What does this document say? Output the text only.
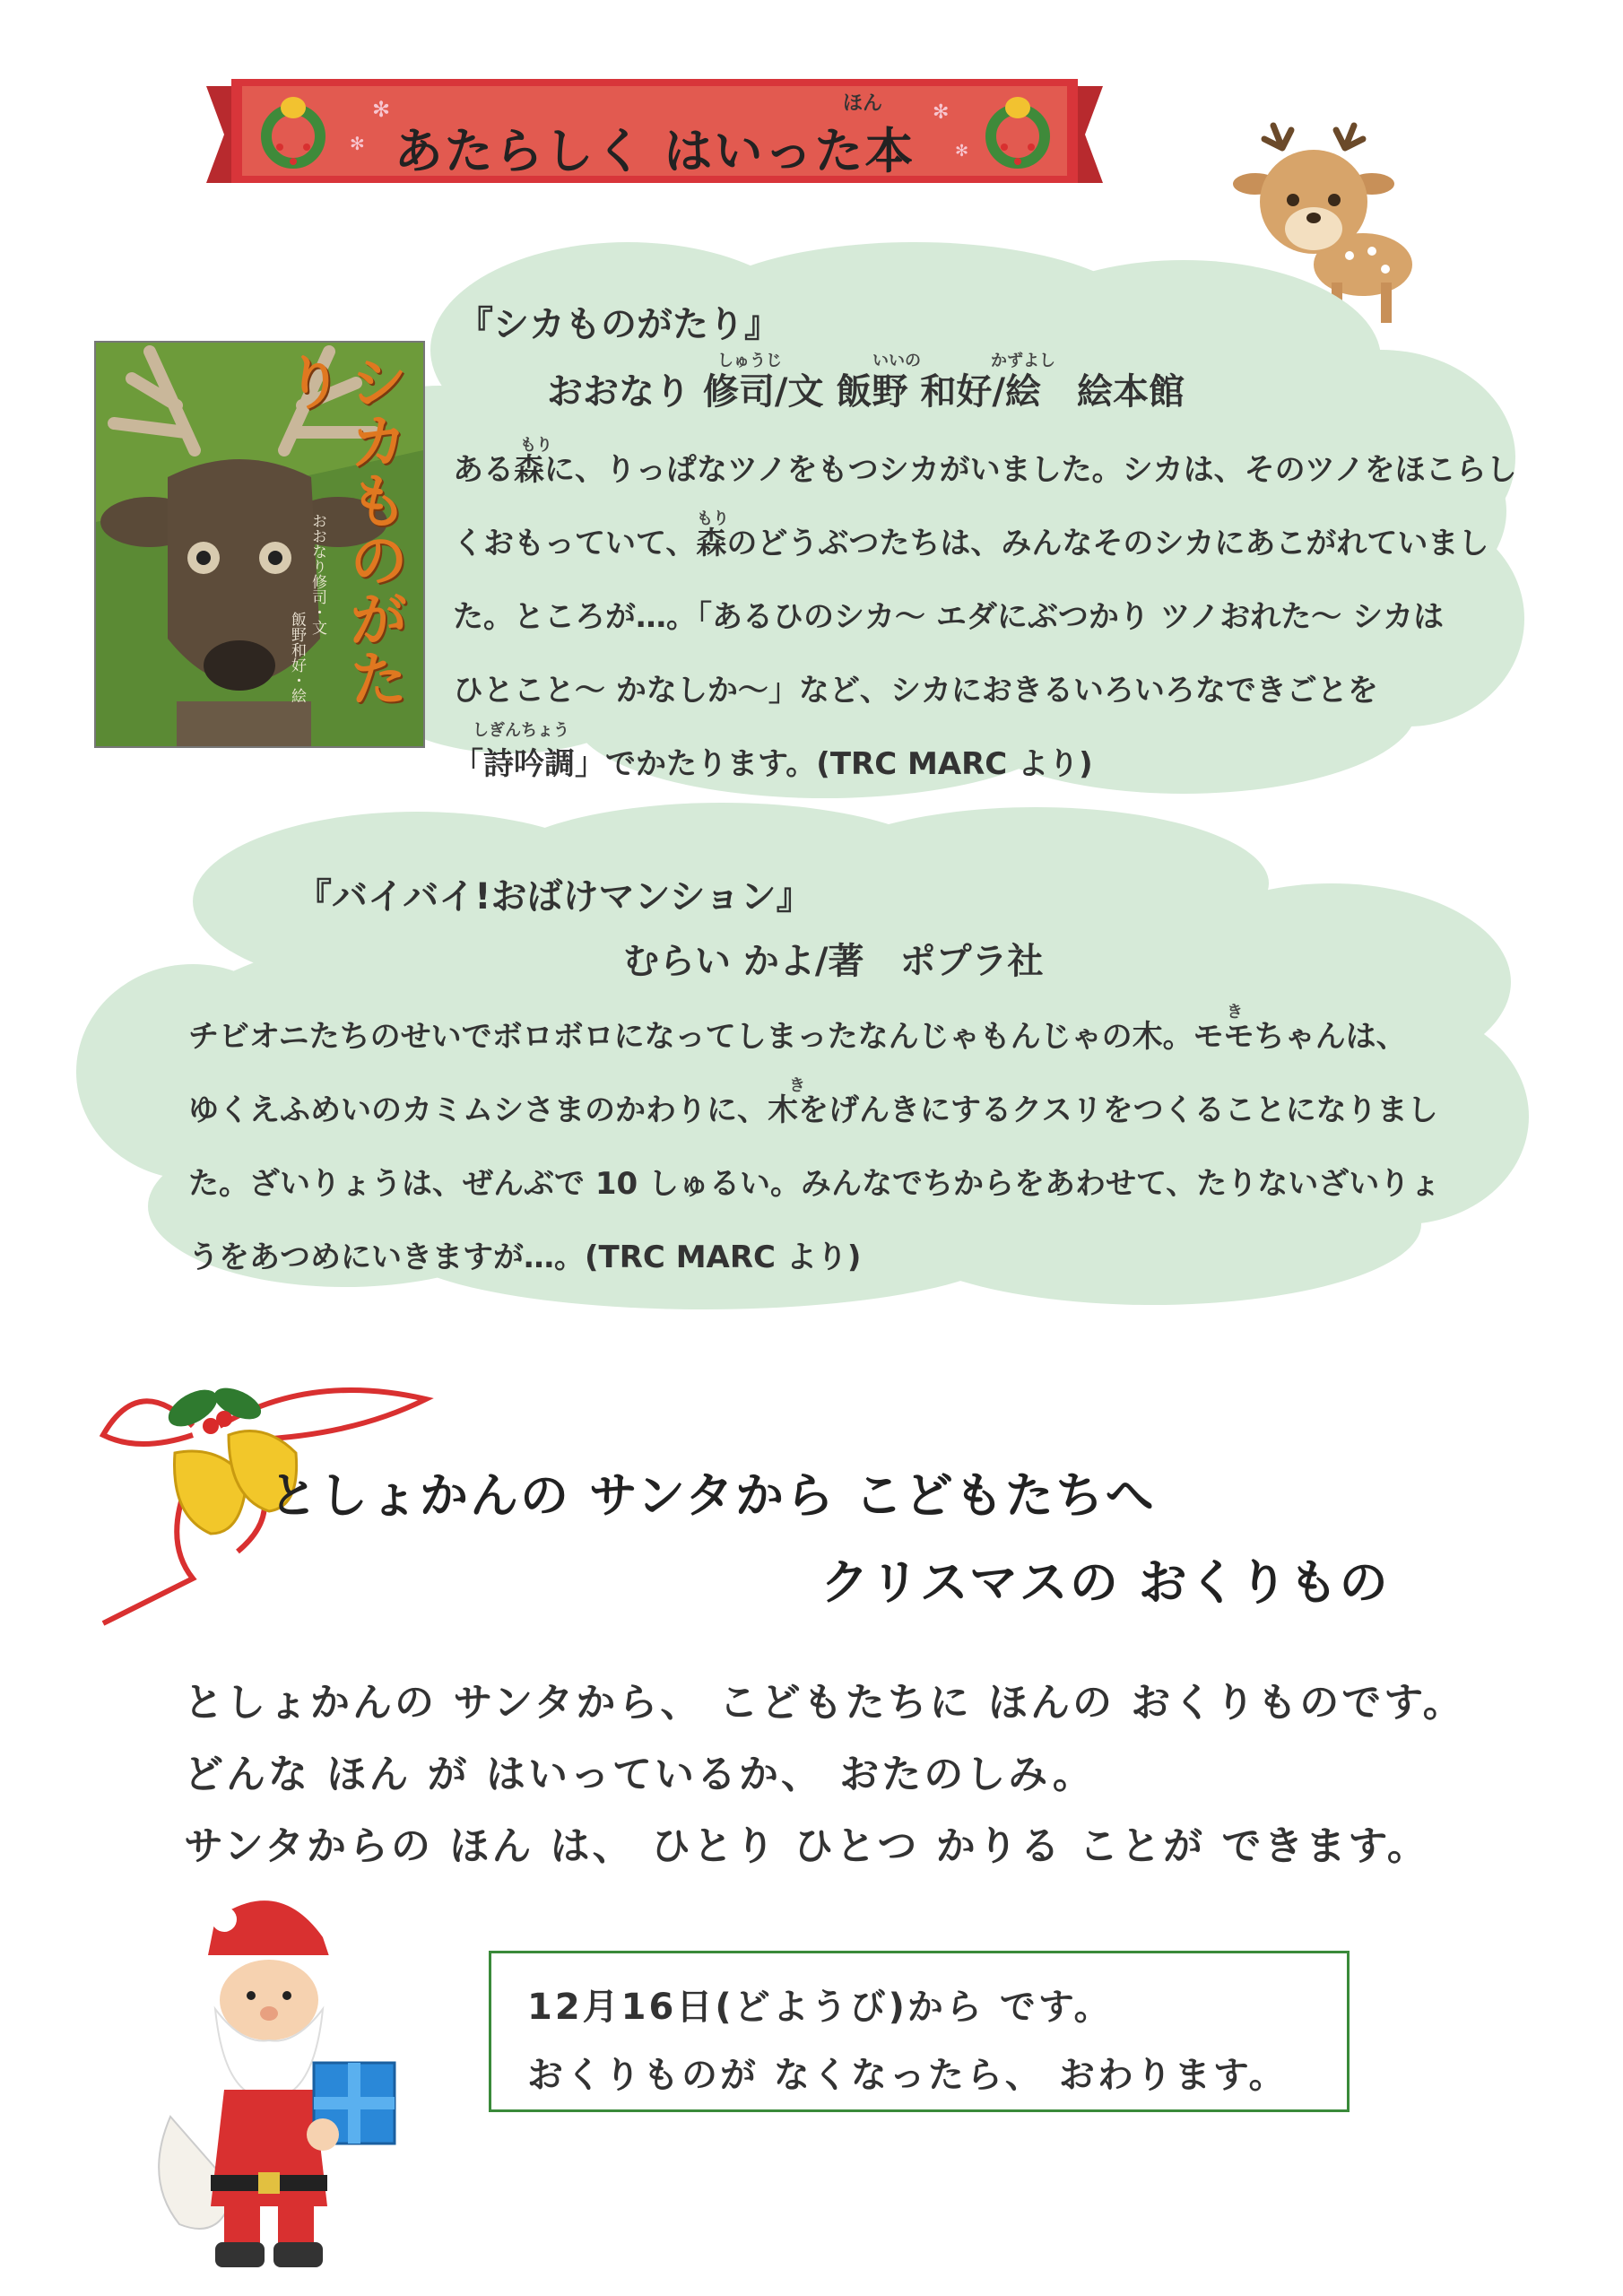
✻
✻
✻
✻
ほん
あたらしく はいった本
シカものがたり
おおなり修司・文
飯野和好・絵
『シカものがたり』
しゅうじ	いいの	かずよし
おおなり 修司/文 飯野 和好/絵　絵本館
もり
もり
しぎんちょう
ある森に、りっぱなツノをもつシカがいました。シカは、そのツノをほこらし
くおもっていて、森のどうぶつたちは、みんなそのシカにあこがれていまし
た。ところが…。「あるひのシカ～ エダにぶつかり ツノおれた～ シカは
ひとこと～ かなしか～」など、シカにおきるいろいろなできごとを
「詩吟調」でかたります。(TRC MARC より)
『バイバイ!おばけマンション』
むらい かよ/著　ポプラ社
き
き
チビオニたちのせいでボロボロになってしまったなんじゃもんじゃの木。モモちゃんは、
ゆくえふめいのカミムシさまのかわりに、木をげんきにするクスリをつくることになりまし
た。ざいりょうは、ぜんぶで 10 しゅるい。みんなでちからをあわせて、たりないざいりょ
うをあつめにいきますが…。(TRC MARC より)
としょかんの サンタから こどもたちへ
クリスマスの おくりもの
としょかんの サンタから、 こどもたちに ほんの おくりものです。
どんな ほん が はいっているか、 おたのしみ。
サンタからの ほん は、 ひとり ひとつ かりる ことが できます。
12月16日(どようび)から です。
おくりものが なくなったら、 おわります。
